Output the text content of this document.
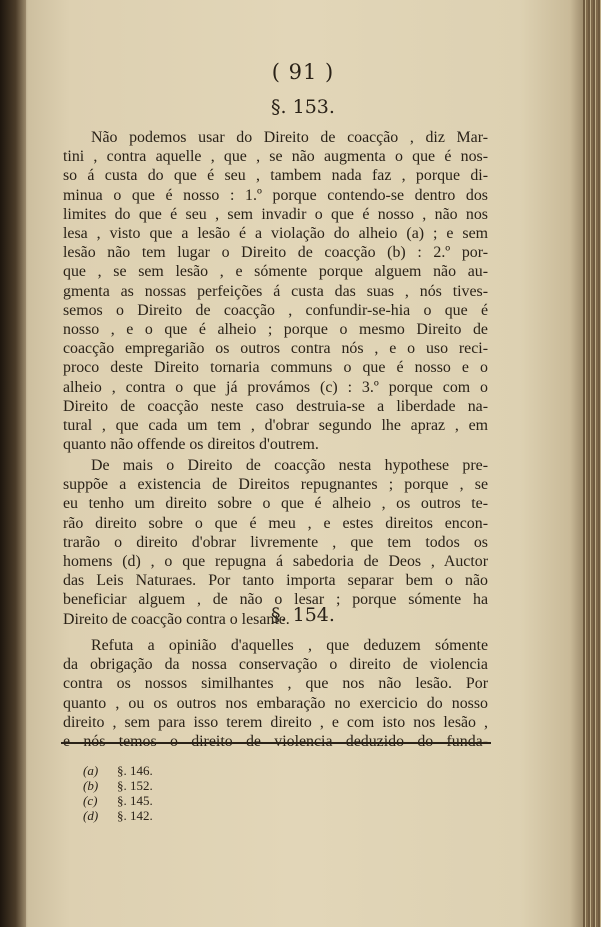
( 91 )
§. 153.
Não podemos usar do Direito de coacção , diz Mar-
tini , contra aquelle , que , se não augmenta o que é nos-
so á custa do que é seu , tambem nada faz , porque di-
minua o que é nosso : 1.º porque contendo-se dentro dos
limites do que é seu , sem invadir o que é nosso , não nos
lesa , visto que a lesão é a violação do alheio (a) ; e sem
lesão não tem lugar o Direito de coacção (b) : 2.º por-
que , se sem lesão , e sómente porque alguem não au-
gmenta as nossas perfeições á custa das suas , nós tives-
semos o Direito de coacção , confundir-se-hia o que é
nosso , e o que é alheio ; porque o mesmo Direito de
coacção empregarião os outros contra nós , e o uso reci-
proco deste Direito tornaria communs o que é nosso e o
alheio , contra o que já provámos (c) : 3.º porque com o
Direito de coacção neste caso destruia-se a liberdade na-
tural , que cada um tem , d'obrar segundo lhe apraz , em
quanto não offende os direitos d'outrem.
De mais o Direito de coacção nesta hypothese pre-
suppõe a existencia de Direitos repugnantes ; porque , se
eu tenho um direito sobre o que é alheio , os outros te-
rão direito sobre o que é meu , e estes direitos encon-
trarão o direito d'obrar livremente , que tem todos os
homens (d) , o que repugna á sabedoria de Deos , Auctor
das Leis Naturaes. Por tanto importa separar bem o não
beneficiar alguem , de não o lesar ; porque sómente ha
Direito de coacção contra o lesante.
§. 154.
Refuta a opinião d'aquelles , que deduzem sómente
da obrigação da nossa conservação o direito de violencia
contra os nossos similhantes , que nos não lesão. Por
quanto , ou os outros nos embaração no exercicio do nosso
direito , sem para isso terem direito , e com isto nos lesão ,
(a)	§. 146.
(b)	§. 152.
(c)	§. 145.
(d)	§. 142.
